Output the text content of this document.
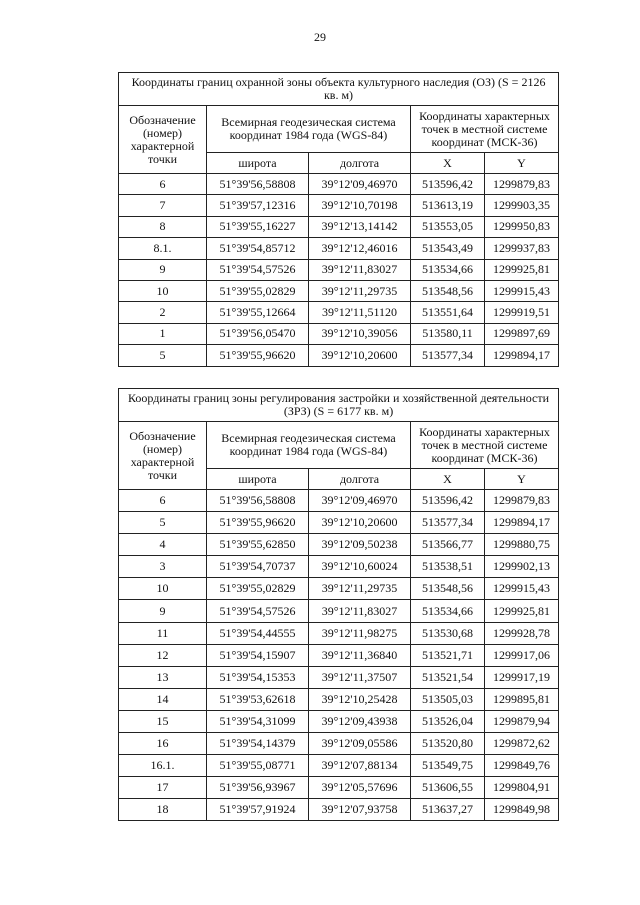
29
Координаты границ охранной зоны объекта культурного наследия (ОЗ) (S = 2126 кв. м)				
Обозначение (номер) характерной точки	Всемирная геодезическая система координат 1984 года (WGS-84)		Координаты характерных точек в местной системе координат (МСК-36)	
	широта	долгота	X	Y
6	51°39'56,58808	39°12'09,46970	513596,42	1299879,83
7	51°39'57,12316	39°12'10,70198	513613,19	1299903,35
8	51°39'55,16227	39°12'13,14142	513553,05	1299950,83
8.1.	51°39'54,85712	39°12'12,46016	513543,49	1299937,83
9	51°39'54,57526	39°12'11,83027	513534,66	1299925,81
10	51°39'55,02829	39°12'11,29735	513548,56	1299915,43
2	51°39'55,12664	39°12'11,51120	513551,64	1299919,51
1	51°39'56,05470	39°12'10,39056	513580,11	1299897,69
5	51°39'55,96620	39°12'10,20600	513577,34	1299894,17
Координаты границ зоны регулирования застройки и хозяйственной деятельности (ЗРЗ) (S = 6177 кв. м)				
Обозначение (номер) характерной точки	Всемирная геодезическая система координат 1984 года (WGS-84)		Координаты характерных точек в местной системе координат (МСК-36)	
	широта	долгота	X	Y
6	51°39'56,58808	39°12'09,46970	513596,42	1299879,83
5	51°39'55,96620	39°12'10,20600	513577,34	1299894,17
4	51°39'55,62850	39°12'09,50238	513566,77	1299880,75
3	51°39'54,70737	39°12'10,60024	513538,51	1299902,13
10	51°39'55,02829	39°12'11,29735	513548,56	1299915,43
9	51°39'54,57526	39°12'11,83027	513534,66	1299925,81
11	51°39'54,44555	39°12'11,98275	513530,68	1299928,78
12	51°39'54,15907	39°12'11,36840	513521,71	1299917,06
13	51°39'54,15353	39°12'11,37507	513521,54	1299917,19
14	51°39'53,62618	39°12'10,25428	513505,03	1299895,81
15	51°39'54,31099	39°12'09,43938	513526,04	1299879,94
16	51°39'54,14379	39°12'09,05586	513520,80	1299872,62
16.1.	51°39'55,08771	39°12'07,88134	513549,75	1299849,76
17	51°39'56,93967	39°12'05,57696	513606,55	1299804,91
18	51°39'57,91924	39°12'07,93758	513637,27	1299849,98
